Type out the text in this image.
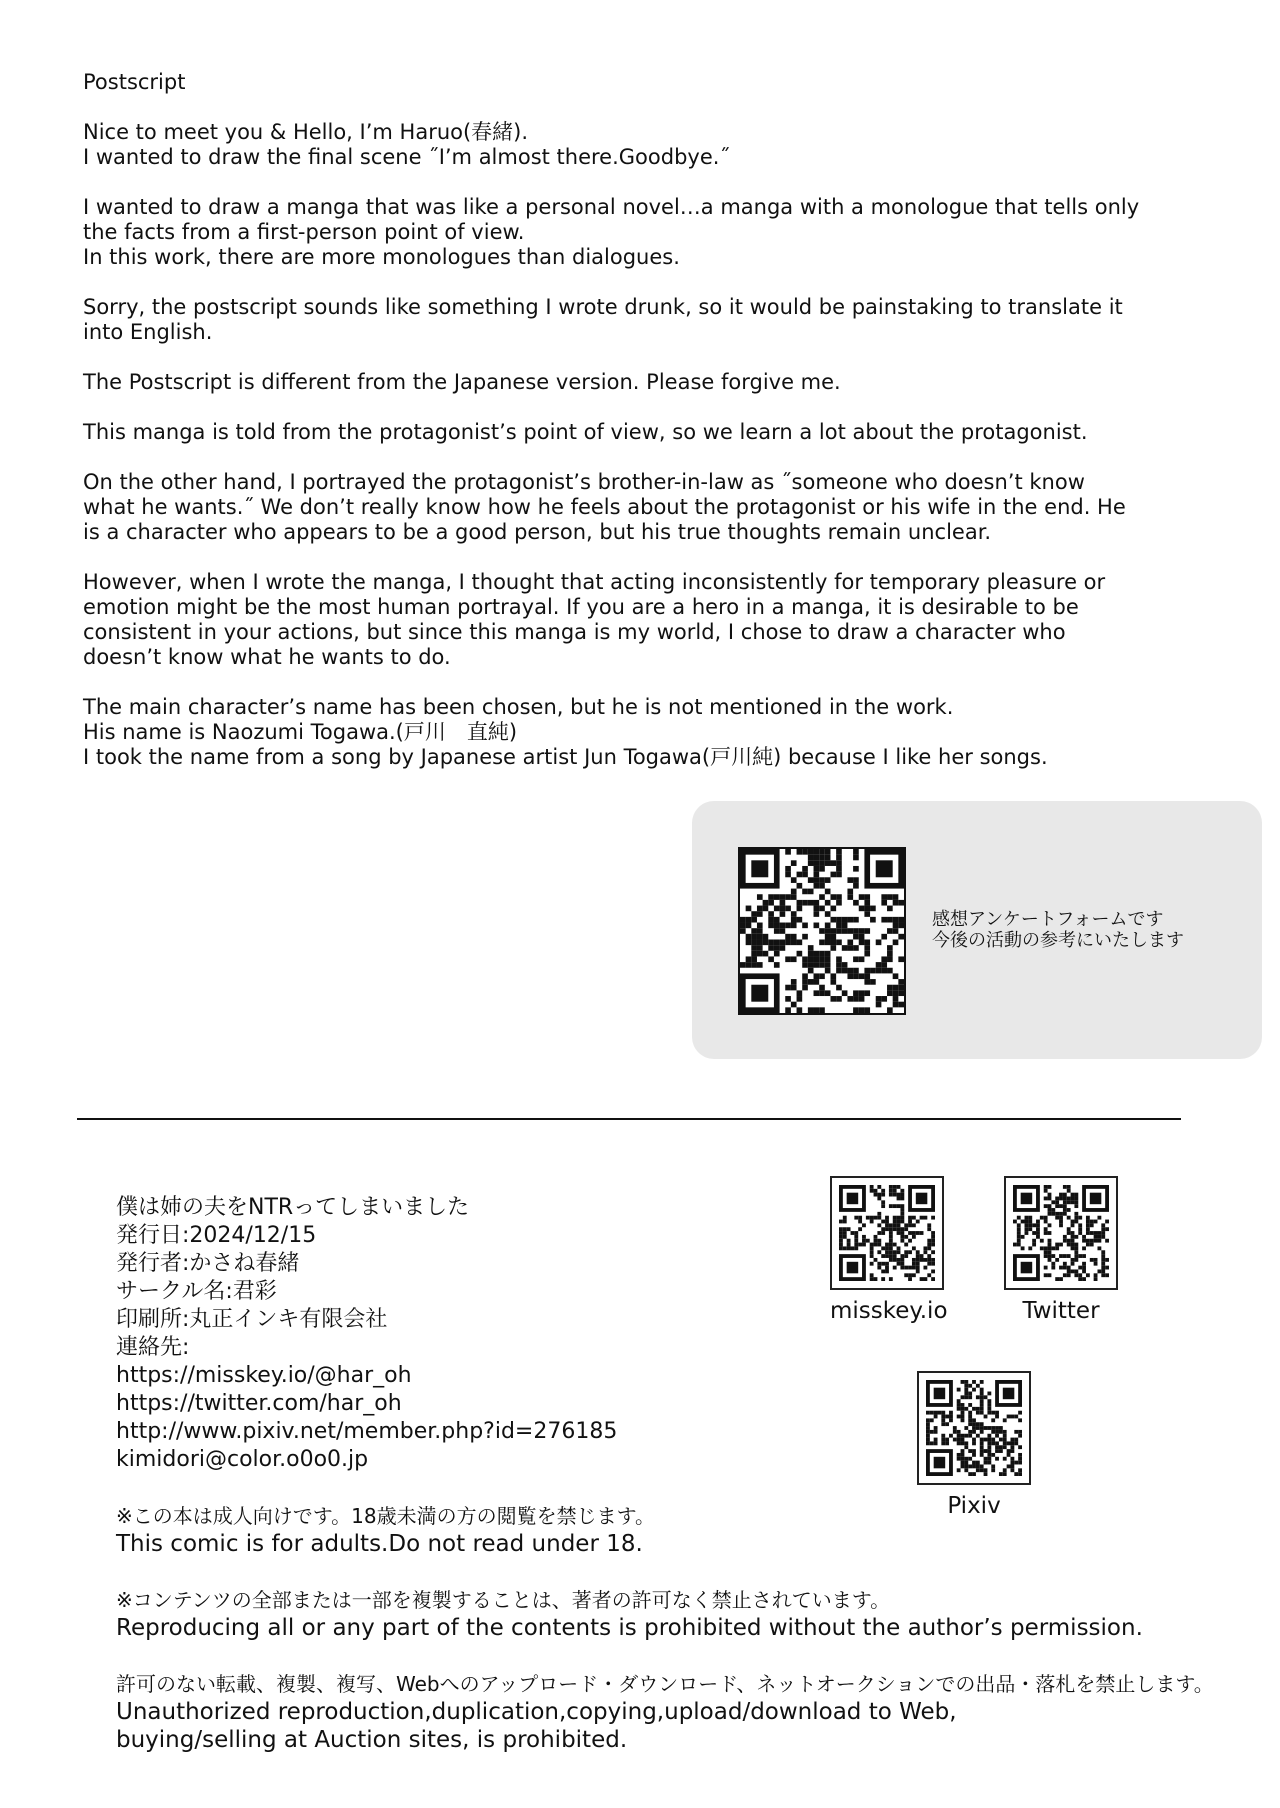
Postscript

Nice to meet you & Hello, I’m Haruo(春緒).
I wanted to draw the final scene ˝I’m almost there.Goodbye.˝

I wanted to draw a manga that was like a personal novel…a manga with a monologue that tells only
the facts from a first-person point of view.
In this work, there are more monologues than dialogues.

Sorry, the postscript sounds like something I wrote drunk, so it would be painstaking to translate it
into English.

The Postscript is different from the Japanese version. Please forgive me.

This manga is told from the protagonist’s point of view, so we learn a lot about the protagonist.

On the other hand, I portrayed the protagonist’s brother-in-law as ˝someone who doesn’t know
what he wants.˝ We don’t really know how he feels about the protagonist or his wife in the end. He
is a character who appears to be a good person, but his true thoughts remain unclear.

However, when I wrote the manga, I thought that acting inconsistently for temporary pleasure or
emotion might be the most human portrayal. If you are a hero in a manga, it is desirable to be
consistent in your actions, but since this manga is my world, I chose to draw a character who
doesn’t know what he wants to do.

The main character’s name has been chosen, but he is not mentioned in the work.
His name is Naozumi Togawa.(戸川　直純)
I took the name from a song by Japanese artist Jun Togawa(戸川純) because I like her songs.

感想アンケートフォームです
今後の活動の参考にいたします
僕は姉の夫をNTRってしまいました
発行日:2024/12/15
発行者:かさね春緒
サークル名:君彩
印刷所:丸正インキ有限会社
連絡先:
https://misskey.io/@har_oh
https://twitter.com/har_oh
http://www.pixiv.net/member.php?id=276185
kimidori@color.o0o0.jp
※この本は成人向けです。18歳未満の方の閲覧を禁じます。
This comic is for adults.Do not read under 18.
※コンテンツの全部または一部を複製することは、著者の許可なく禁止されています。
Reproducing all or any part of the contents is prohibited without the author’s permission.
許可のない転載、複製、複写、Webへのアップロード・ダウンロード、ネットオークションでの出品・落札を禁止します。
Unauthorized reproduction,duplication,copying,upload/download to Web,
buying/selling at Auction sites, is prohibited.
misskey.io	Twitter
Pixiv
